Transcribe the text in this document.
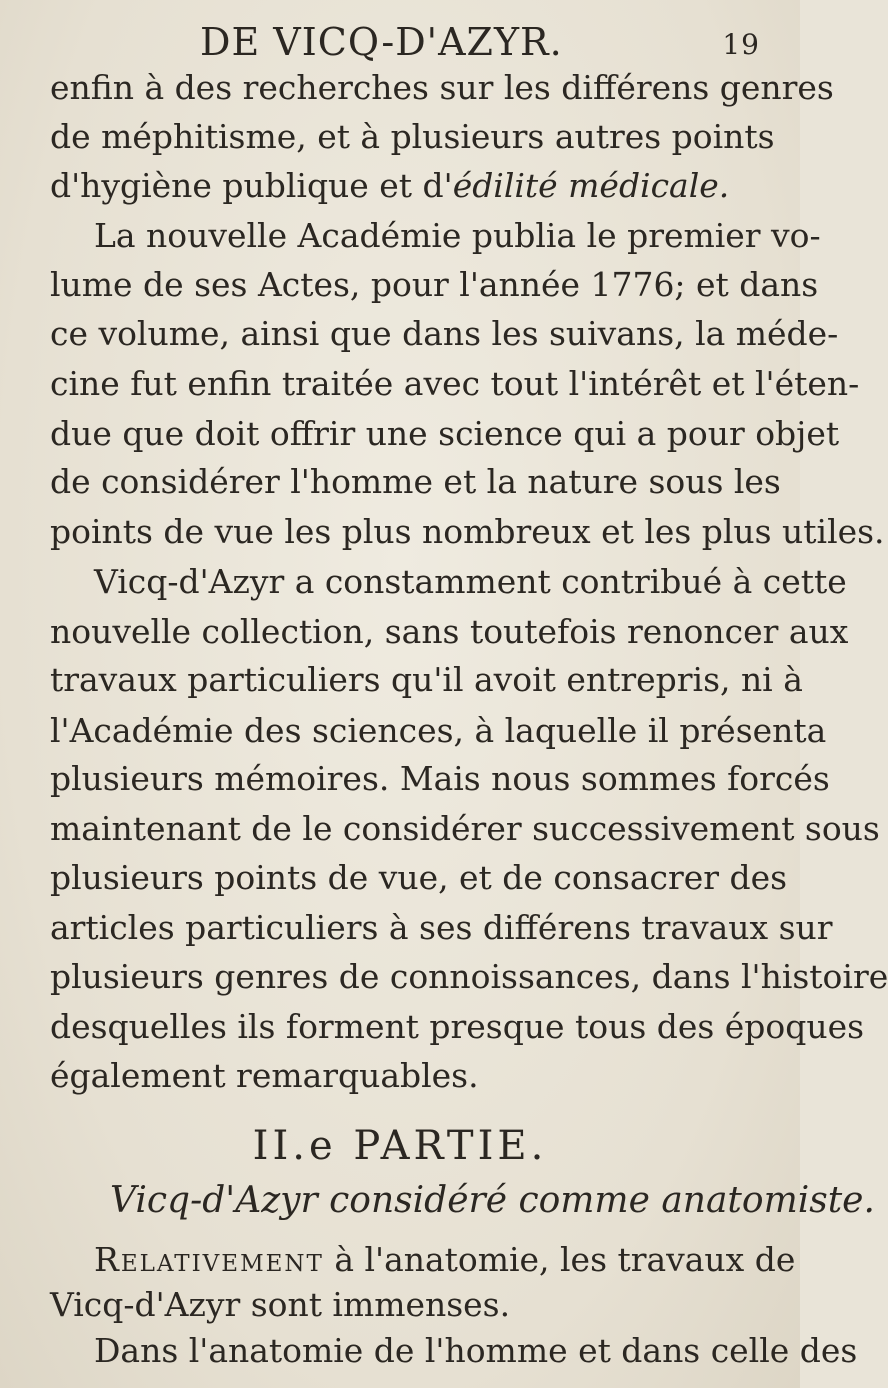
DE VICQ-D'AZYR.	19
enfin à des recherches sur les différens genres
de méphitisme, et à plusieurs autres points
d'hygiène publique et d'édilité médicale.
La nouvelle Académie publia le premier vo-
lume de ses Actes, pour l'année 1776; et dans
ce volume, ainsi que dans les suivans, la méde-
cine fut enfin traitée avec tout l'intérêt et l'éten-
due que doit offrir une science qui a pour objet
de considérer l'homme et la nature sous les
points de vue les plus nombreux et les plus utiles.
Vicq-d'Azyr a constamment contribué à cette
nouvelle collection, sans toutefois renoncer aux
travaux particuliers qu'il avoit entrepris, ni à
l'Académie des sciences, à laquelle il présenta
plusieurs mémoires. Mais nous sommes forcés
maintenant de le considérer successivement sous
II.e PARTIE.
Vicq-d'Azyr considéré comme anatomiste.
Relativement à l'anatomie, les travaux de
Vicq-d'Azyr sont immenses.
Dans l'anatomie de l'homme et dans celle des
plusieurs points de vue, et de consacrer des
articles particuliers à ses différens travaux sur
plusieurs genres de connoissances, dans l'histoire
desquelles ils forment presque tous des époques
également remarquables.
